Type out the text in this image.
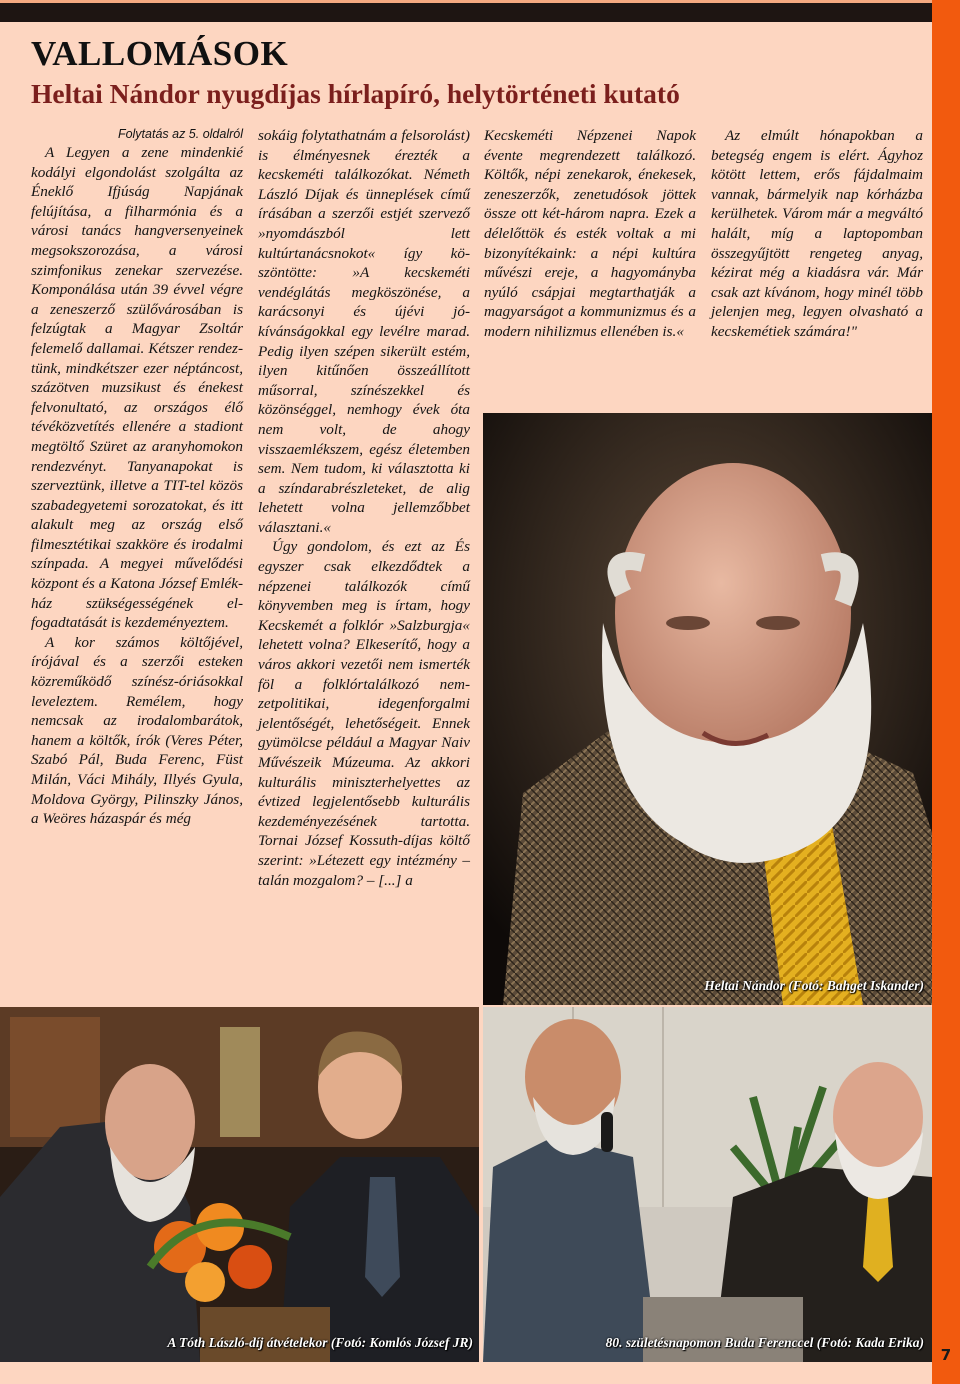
7
VALLOMÁSOK
Heltai Nándor nyugdíjas hírlapíró, helytörténeti kutató
Folytatás az 5. oldalról

A Legyen a zene mindenkié kodályi elgondolást szolgálta az Éneklő Ifjúság Napjának felújítása, a filharmónia és a városi tanács hangversenyeinek megsokszorozása, a városi szimfonikus zenekar szervezése. Komponálása után 39 évvel végre a zeneszerző szülővárosában is felzúgtak a Magyar Zsoltár felemelő dallamai. Kétszer rendeztünk, mindkétszer ezer néptáncost, százötven muzsikust és énekest felvonultató, az országos élő tévéközvetítés ellenére a stadiont megtöltő Szüret az aranyhomokon rendezvényt. Tanyanapokat is szerveztünk, illetve a TIT-tel közös szabadegyetemi sorozatokat, és itt alakult meg az ország első filmesztétikai szakköre és irodalmi színpada. A megyei művelődési központ és a Katona József Emlékház szükségességének elfogadtatását is kezdeményeztem.

A kor számos költőjével, írójával és a szerzői esteken közreműködő színész-óriásokkal leveleztem. Remélem, hogy nemcsak az irodalombarátok, hanem a költők, írók (Veres Péter, Szabó Pál, Buda Ferenc, Füst Milán, Váci Mihály, Illyés Gyula, Moldova György, Pilinszky János, a Weöres házaspár és még

sokáig folytathatnám a felsorolást) is élményesnek érezték a kecskeméti találkozókat. Németh László Díjak és ünneplések című írásában a szerzői estjét szervező »nyomdászból lett kultúrtanácsnokot« így köszöntötte: »A kecskeméti vendéglátás megköszönése, a karácsonyi és újévi jókívánságokkal egy levélre marad. Pedig ilyen szépen sikerült estém, ilyen kitűnően összeállított műsorral, színészekkel és közönséggel, nemhogy évek óta nem volt, de ahogy visszaemlékszem, egész életemben sem. Nem tudom, ki választotta ki a színdarabrészleteket, de alig lehetett volna jellemzőbbet választani.«

Úgy gondolom, és ezt az És egyszer csak elkezdődtek a népzenei találkozók című könyvemben meg is írtam, hogy Kecskemét a folklór »Salzburgja« lehetett volna? Elkeserítő, hogy a város akkori vezetői nem ismerték föl a folklórtalálkozó nemzetpolitikai, idegenforgalmi jelentőségét, lehetőségeit. Ennek gyümölcse például a Magyar Naiv Művészeik Múzeuma. Az akkori kulturális miniszterhelyettes az évtized legjelentősebb kulturális kezdeményezésének tartotta. Tornai József Kossuth-díjas költő szerint: »Létezett egy intézmény – talán mozgalom? – [...] a

Kecskeméti Népzenei Napok évente megrendezett találkozó. Költők, népi zenekarok, énekesek, zeneszerzők, zenetudósok jöttek össze ott két-három napra. Ezek a délelőttök és esték voltak a mi bizonyítékaink: a népi kultúra művészi ereje, a hagyományba nyúló csápjai megtarthatják a magyarságot a kommunizmus és a modern nihilizmus ellenében is.«

Az elmúlt hónapokban a betegség engem is elért. Ágyhoz kötött lettem, erős fájdalmaim vannak, bármelyik nap kórházba kerülhetek. Várom már a megváltó halált, míg a laptopomban összegyűjtött rengeteg anyag, kézirat még a kiadásra vár. Már csak azt kívánom, hogy minél több jelenjen meg, legyen olvasható a kecskemétiek számára!"

Heltai Nándor (Fotó: Bahget Iskander)
A Tóth László-díj átvételekor (Fotó: Komlós József JR)	80. születésnapomon Buda Ferenccel (Fotó: Kada Erika)
